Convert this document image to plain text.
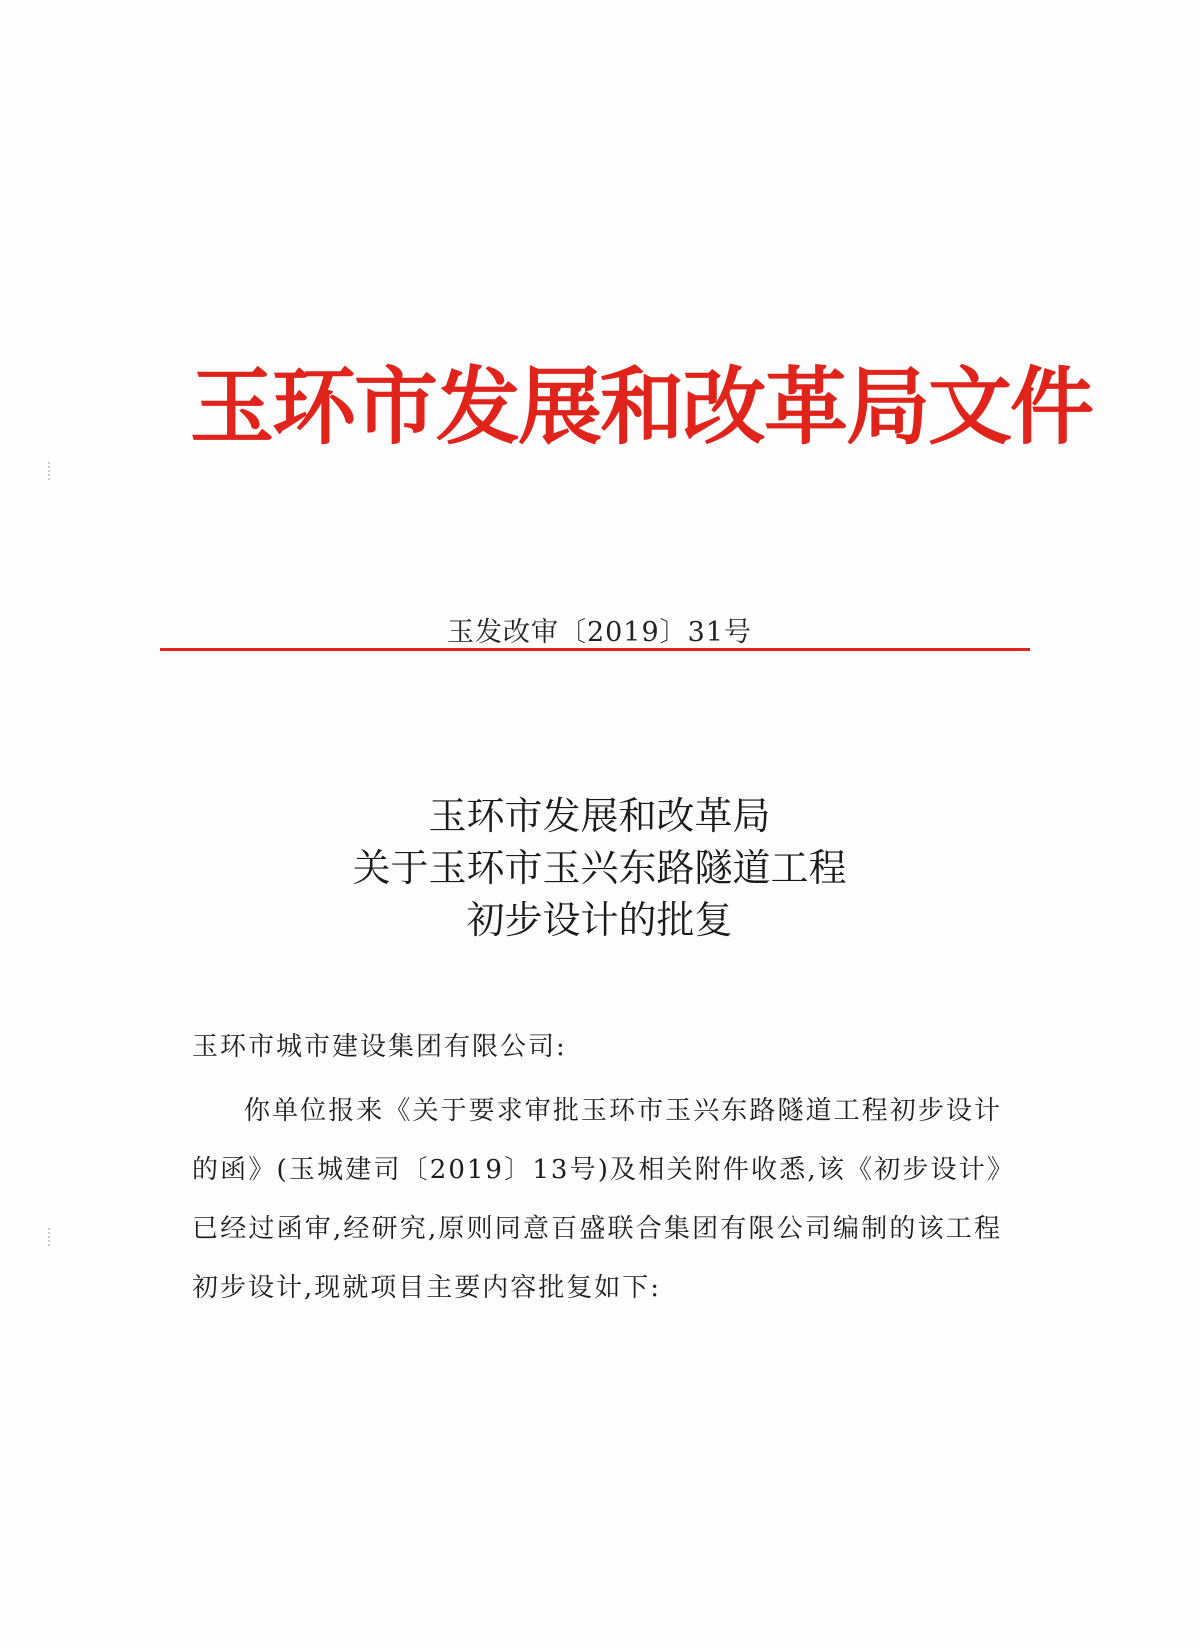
玉环市发展和改革局文件
玉发改审〔2019〕31号
玉环市发展和改革局
关于玉环市玉兴东路隧道工程
初步设计的批复
玉环市城市建设集团有限公司:
你单位报来《关于要求审批玉环市玉兴东路隧道工程初步设计的函》(玉城建司〔2019〕13号)及相关附件收悉,该《初步设计》已经过函审,经研究,原则同意百盛联合集团有限公司编制的该工程初步设计,现就项目主要内容批复如下:
